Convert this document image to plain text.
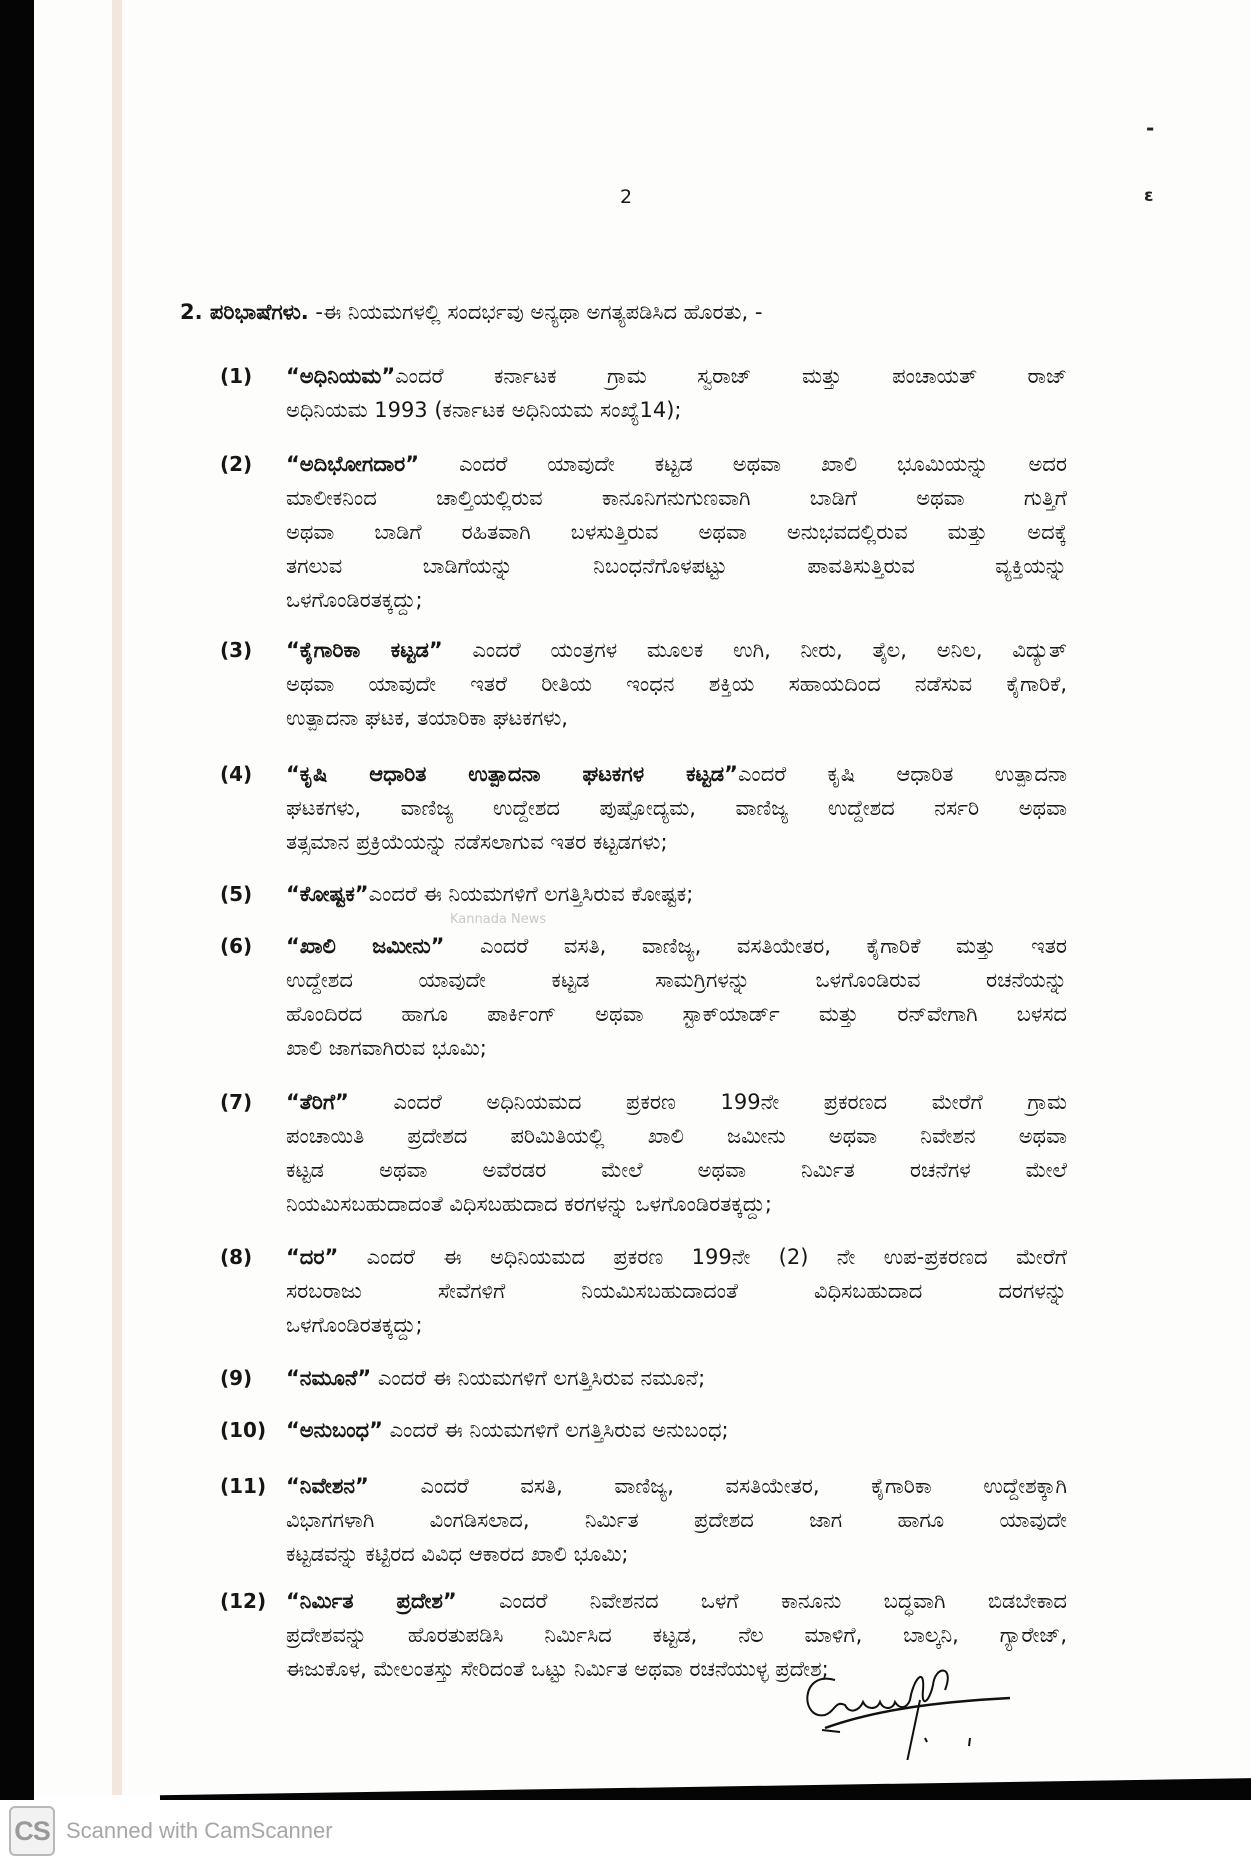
-
ɛ
2
2. ಪರಿಭಾಷೆಗಳು. -ಈ ನಿಯಮಗಳಲ್ಲಿ ಸಂದರ್ಭವು ಅನ್ಯಥಾ ಅಗತ್ಯಪಡಿಸಿದ ಹೊರತು, -
(1) “ಅಧಿನಿಯಮ”ಎಂದರೆ ಕರ್ನಾಟಕ ಗ್ರಾಮ ಸ್ವರಾಜ್ ಮತ್ತು ಪಂಚಾಯತ್ ರಾಜ್
ಅಧಿನಿಯಮ 1993 (ಕರ್ನಾಟಕ ಅಧಿನಿಯಮ ಸಂಖ್ಯೆ14);
(2) “ಅದಿಭೋಗದಾರ” ಎಂದರೆ ಯಾವುದೇ ಕಟ್ಟಡ ಅಥವಾ ಖಾಲಿ ಭೂಮಿಯನ್ನು ಅದರ
ಮಾಲೀಕನಿಂದ ಚಾಲ್ತಿಯಲ್ಲಿರುವ ಕಾನೂನಿಗನುಗುಣವಾಗಿ ಬಾಡಿಗೆ ಅಥವಾ ಗುತ್ತಿಗೆ
ಅಥವಾ ಬಾಡಿಗೆ ರಹಿತವಾಗಿ ಬಳಸುತ್ತಿರುವ ಅಥವಾ ಅನುಭವದಲ್ಲಿರುವ ಮತ್ತು ಅದಕ್ಕೆ
ತಗಲುವ ಬಾಡಿಗೆಯನ್ನು ನಿಬಂಧನೆಗೊಳಪಟ್ಟು ಪಾವತಿಸುತ್ತಿರುವ ವ್ಯಕ್ತಿಯನ್ನು
ಒಳಗೊಂಡಿರತಕ್ಕದ್ದು;
(3) “ಕೈಗಾರಿಕಾ ಕಟ್ಟಡ” ಎಂದರೆ ಯಂತ್ರಗಳ ಮೂಲಕ ಉಗಿ, ನೀರು, ತೈಲ, ಅನಿಲ, ವಿದ್ಯುತ್
ಅಥವಾ ಯಾವುದೇ ಇತರೆ ರೀತಿಯ ಇಂಧನ ಶಕ್ತಿಯ ಸಹಾಯದಿಂದ ನಡೆಸುವ ಕೈಗಾರಿಕೆ,
ಉತ್ಪಾದನಾ ಘಟಕ, ತಯಾರಿಕಾ ಘಟಕಗಳು,
(4) “ಕೃಷಿ ಆಧಾರಿತ ಉತ್ಪಾದನಾ ಘಟಕಗಳ ಕಟ್ಟಡ”ಎಂದರೆ ಕೃಷಿ ಆಧಾರಿತ ಉತ್ಪಾದನಾ
ಘಟಕಗಳು, ವಾಣಿಜ್ಯ ಉದ್ದೇಶದ ಪುಷ್ಪೋದ್ಯಮ, ವಾಣಿಜ್ಯ ಉದ್ದೇಶದ ನರ್ಸರಿ ಅಥವಾ
ತತ್ಸಮಾನ ಪ್ರಕ್ರಿಯೆಯನ್ನು ನಡೆಸಲಾಗುವ ಇತರ ಕಟ್ಟಡಗಳು;
(5) “ಕೋಷ್ಟಕ”ಎಂದರೆ ಈ ನಿಯಮಗಳಿಗೆ ಲಗತ್ತಿಸಿರುವ ಕೋಷ್ಟಕ;
(6) “ಖಾಲಿ ಜಮೀನು” ಎಂದರೆ ವಸತಿ, ವಾಣಿಜ್ಯ, ವಸತಿಯೇತರ, ಕೈಗಾರಿಕೆ ಮತ್ತು ಇತರ
ಉದ್ದೇಶದ ಯಾವುದೇ ಕಟ್ಟಡ ಸಾಮಗ್ರಿಗಳನ್ನು ಒಳಗೊಂಡಿರುವ ರಚನೆಯನ್ನು
ಹೊಂದಿರದ ಹಾಗೂ ಪಾರ್ಕಿಂಗ್ ಅಥವಾ ಸ್ಟಾಕ್‌ಯಾರ್ಡ್ ಮತ್ತು ರನ್‌ವೇಗಾಗಿ ಬಳಸದ
ಖಾಲಿ ಜಾಗವಾಗಿರುವ ಭೂಮಿ;
(7) “ತೆರಿಗೆ” ಎಂದರೆ ಅಧಿನಿಯಮದ ಪ್ರಕರಣ 199ನೇ ಪ್ರಕರಣದ ಮೇರೆಗೆ ಗ್ರಾಮ
ಪಂಚಾಯಿತಿ ಪ್ರದೇಶದ ಪರಿಮಿತಿಯಲ್ಲಿ ಖಾಲಿ ಜಮೀನು ಅಥವಾ ನಿವೇಶನ ಅಥವಾ
ಕಟ್ಟಡ ಅಥವಾ ಅವೆರಡರ ಮೇಲೆ ಅಥವಾ ನಿರ್ಮಿತ ರಚನೆಗಳ ಮೇಲೆ
ನಿಯಮಿಸಬಹುದಾದಂತೆ ವಿಧಿಸಬಹುದಾದ ಕರಗಳನ್ನು ಒಳಗೊಂಡಿರತಕ್ಕದ್ದು;
(8) “ದರ” ಎಂದರೆ ಈ ಅಧಿನಿಯಮದ ಪ್ರಕರಣ 199ನೇ (2) ನೇ ಉಪ-ಪ್ರಕರಣದ ಮೇರೆಗೆ
ಸರಬರಾಜು ಸೇವೆಗಳಿಗೆ ನಿಯಮಿಸಬಹುದಾದಂತೆ ವಿಧಿಸಬಹುದಾದ ದರಗಳನ್ನು
ಒಳಗೊಂಡಿರತಕ್ಕದ್ದು;
(9) “ನಮೂನೆ” ಎಂದರೆ ಈ ನಿಯಮಗಳಿಗೆ ಲಗತ್ತಿಸಿರುವ ನಮೂನೆ;
(10) “ಅನುಬಂಧ” ಎಂದರೆ ಈ ನಿಯಮಗಳಿಗೆ ಲಗತ್ತಿಸಿರುವ ಅನುಬಂಧ;
(11) “ನಿವೇಶನ” ಎಂದರೆ ವಸತಿ, ವಾಣಿಜ್ಯ, ವಸತಿಯೇತರ, ಕೈಗಾರಿಕಾ ಉದ್ದೇಶಕ್ಕಾಗಿ
ವಿಭಾಗಗಳಾಗಿ ವಿಂಗಡಿಸಲಾದ, ನಿರ್ಮಿತ ಪ್ರದೇಶದ ಜಾಗ ಹಾಗೂ ಯಾವುದೇ
ಕಟ್ಟಡವನ್ನು ಕಟ್ಟಿರದ ವಿವಿಧ ಆಕಾರದ ಖಾಲಿ ಭೂಮಿ;
(12) “ನಿರ್ಮಿತ ಪ್ರದೇಶ” ಎಂದರೆ ನಿವೇಶನದ ಒಳಗೆ ಕಾನೂನು ಬದ್ಧವಾಗಿ ಬಿಡಬೇಕಾದ
ಪ್ರದೇಶವನ್ನು ಹೊರತುಪಡಿಸಿ ನಿರ್ಮಿಸಿದ ಕಟ್ಟಡ, ನೆಲ ಮಾಳಿಗೆ, ಬಾಲ್ಕನಿ, ಗ್ಯಾರೇಜ್,
ಈಜುಕೊಳ, ಮೇಲಂತಸ್ತು ಸೇರಿದಂತೆ ಒಟ್ಟು ನಿರ್ಮಿತ ಅಥವಾ ರಚನೆಯುಳ್ಳ ಪ್ರದೇಶ;
Kannada News
CS Scanned with CamScanner
